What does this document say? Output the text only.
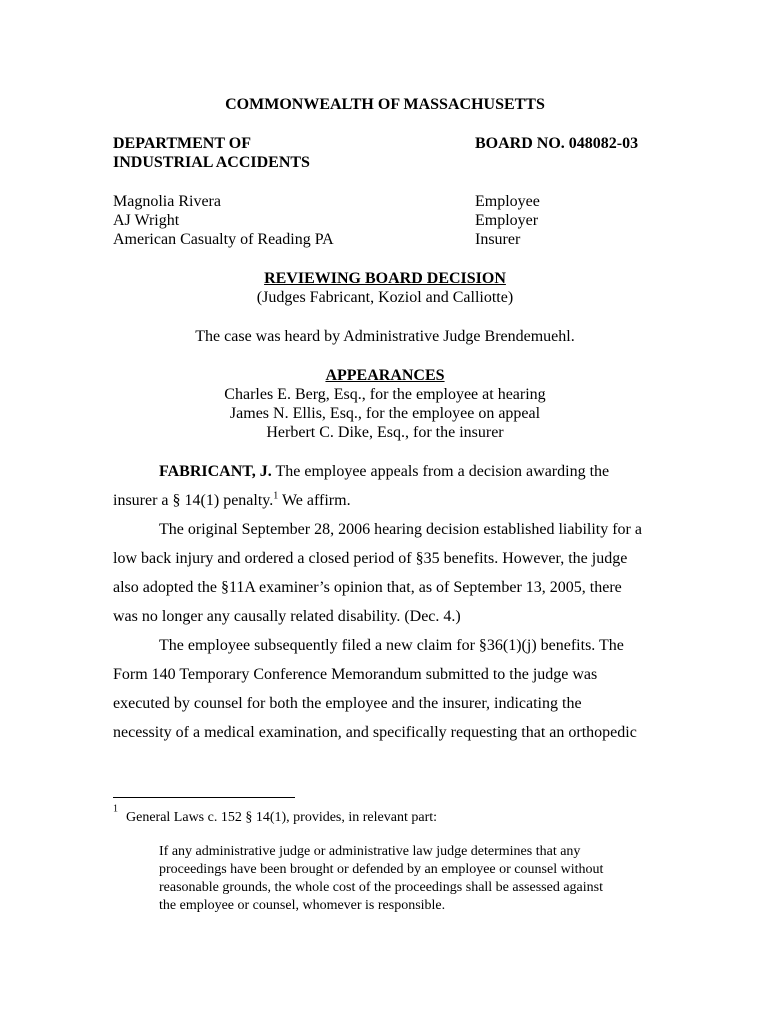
COMMONWEALTH OF MASSACHUSETTS
DEPARTMENT OF
INDUSTRIAL ACCIDENTS
BOARD NO. 048082-03
Magnolia Rivera	Employee
AJ Wright	Employer
American Casualty of Reading PA	Insurer
REVIEWING BOARD DECISION
(Judges Fabricant, Koziol and Calliotte)
The case was heard by Administrative Judge Brendemuehl.
APPEARANCES
Charles E. Berg, Esq., for the employee at hearing
James N. Ellis, Esq., for the employee on appeal
Herbert C. Dike, Esq., for the insurer
FABRICANT, J. The employee appeals from a decision awarding the
insurer a § 14(1) penalty.$^1$ We affirm.
The original September 28, 2006 hearing decision established liability for a
low back injury and ordered a closed period of §35 benefits. However, the judge
also adopted the §11A examiner’s opinion that, as of September 13, 2005, there
was no longer any causally related disability. (Dec. 4.)
The employee subsequently filed a new claim for §36(1)(j) benefits. The
Form 140 Temporary Conference Memorandum submitted to the judge was
executed by counsel for both the employee and the insurer, indicating the
necessity of a medical examination, and specifically requesting that an orthopedic
$^1$
General Laws c. 152 § 14(1), provides, in relevant part:
If any administrative judge or administrative law judge determines that any
proceedings have been brought or defended by an employee or counsel without
reasonable grounds, the whole cost of the proceedings shall be assessed against
the employee or counsel, whomever is responsible.
